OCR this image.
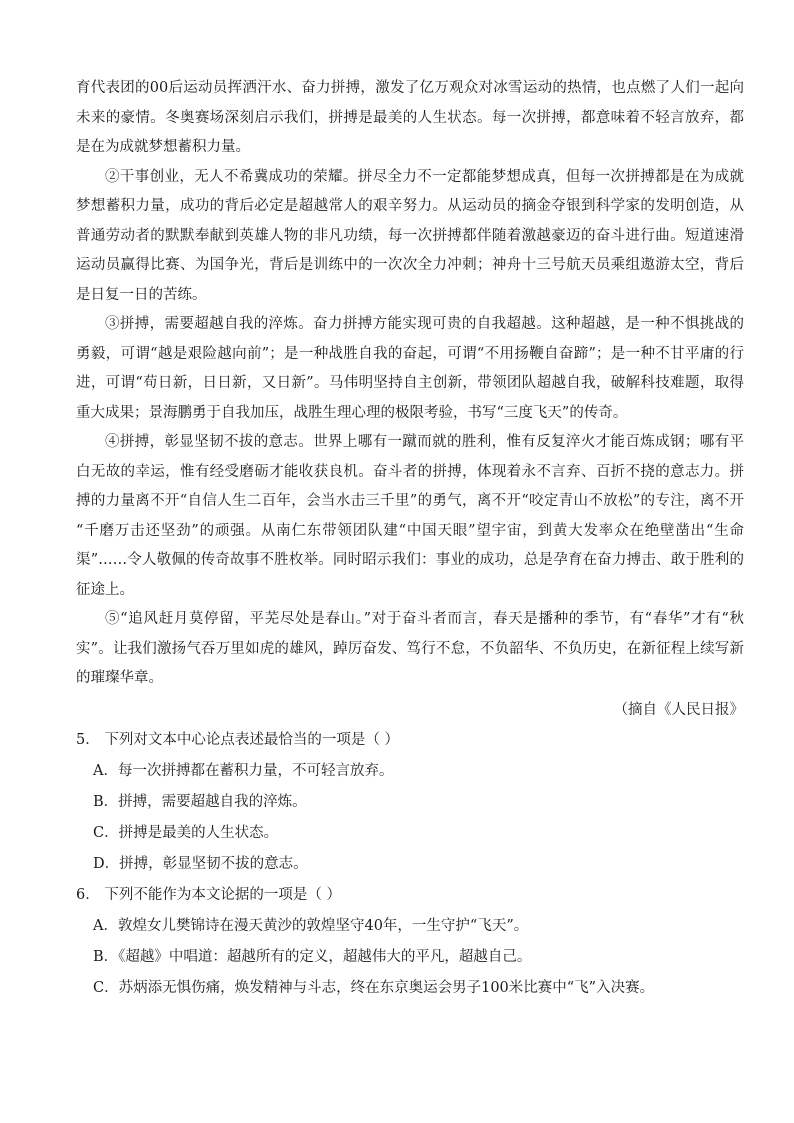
育代表团的00后运动员挥洒汗水、奋力拼搏，激发了亿万观众对冰雪运动的热情，也点燃了人们一起向
未来的豪情。冬奥赛场深刻启示我们，拼搏是最美的人生状态。每一次拼搏，都意味着不轻言放弃，都
是在为成就梦想蓄积力量。
②干事创业，无人不希冀成功的荣耀。拼尽全力不一定都能梦想成真，但每一次拼搏都是在为成就
梦想蓄积力量，成功的背后必定是超越常人的艰辛努力。从运动员的摘金夺银到科学家的发明创造，从
普通劳动者的默默奉献到英雄人物的非凡功绩，每一次拼搏都伴随着激越豪迈的奋斗进行曲。短道速滑
运动员赢得比赛、为国争光，背后是训练中的一次次全力冲刺；神舟十三号航天员乘组遨游太空，背后
是日复一日的苦练。
③拼搏，需要超越自我的淬炼。奋力拼搏方能实现可贵的自我超越。这种超越，是一种不惧挑战的
勇毅，可谓“越是艰险越向前”；是一种战胜自我的奋起，可谓“不用扬鞭自奋蹄”；是一种不甘平庸的行
进，可谓“苟日新，日日新，又日新”。马伟明坚持自主创新，带领团队超越自我，破解科技难题，取得
重大成果；景海鹏勇于自我加压，战胜生理心理的极限考验，书写“三度飞天”的传奇。
④拼搏，彰显坚韧不拔的意志。世界上哪有一蹴而就的胜利，惟有反复淬火才能百炼成钢；哪有平
白无故的幸运，惟有经受磨砺才能收获良机。奋斗者的拼搏，体现着永不言弃、百折不挠的意志力。拼
搏的力量离不开“自信人生二百年，会当水击三千里”的勇气，离不开“咬定青山不放松”的专注，离不开
“千磨万击还坚劲”的顽强。从南仁东带领团队建“中国天眼”望宇宙，到黄大发率众在绝壁凿出“生命
渠”……令人敬佩的传奇故事不胜枚举。同时昭示我们：事业的成功，总是孕育在奋力搏击、敢于胜利的
征途上。
⑤“追风赶月莫停留，平芜尽处是春山。”对于奋斗者而言，春天是播种的季节，有“春华”才有“秋
实”。让我们激扬气吞万里如虎的雄风，踔厉奋发、笃行不怠，不负韶华、不负历史，在新征程上续写新
的璀璨华章。
（摘自《人民日报》
5． 下列对文本中心论点表述最恰当的一项是（ ）
A．每一次拼搏都在蓄积力量，不可轻言放弃。
B．拼搏，需要超越自我的淬炼。
C．拼搏是最美的人生状态。
D．拼搏，彰显坚韧不拔的意志。
6． 下列不能作为本文论据的一项是（ ）
A．敦煌女儿樊锦诗在漫天黄沙的敦煌坚守40年，一生守护“飞天”。
B．《超越》中唱道：超越所有的定义，超越伟大的平凡，超越自己。
C．苏炳添无惧伤痛，焕发精神与斗志，终在东京奥运会男子100米比赛中“飞”入决赛。
